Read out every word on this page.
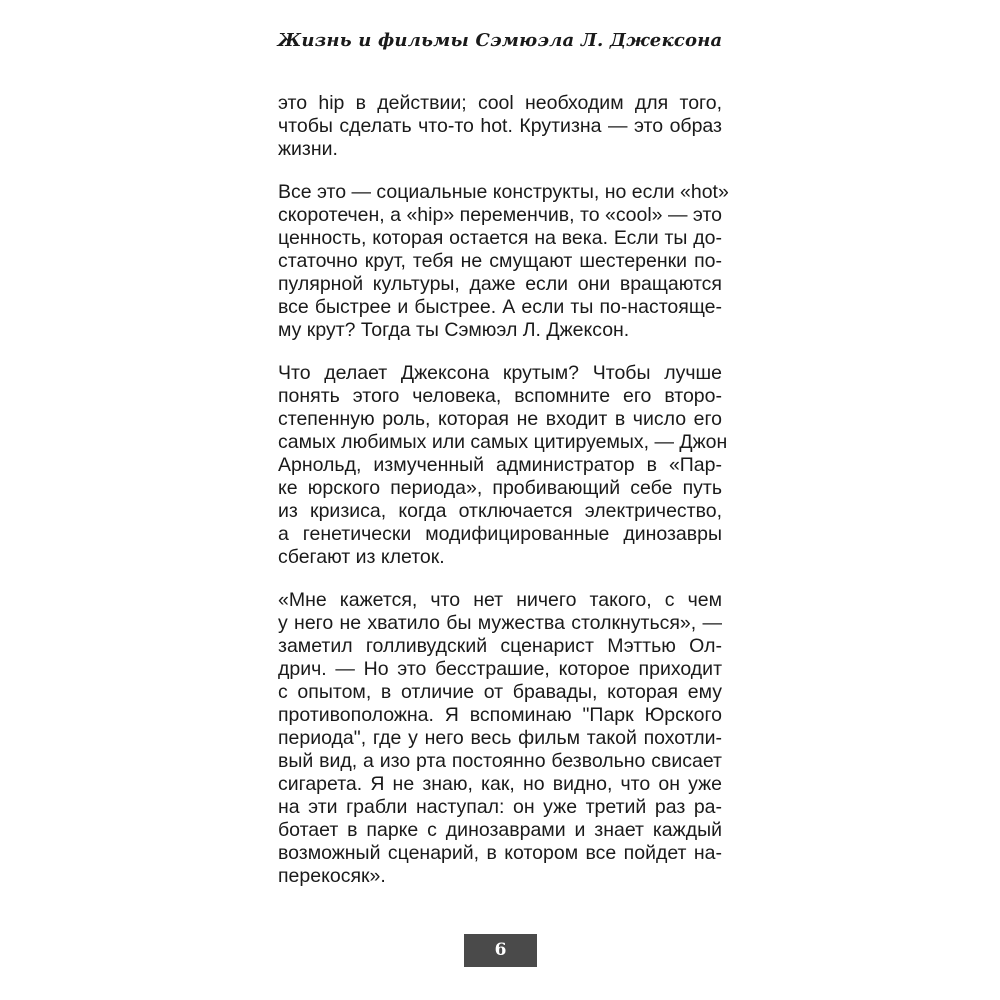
Жизнь и фильмы Сэмюэла Л. Джексона
это hip в действии; cool необходим для того,
чтобы сделать что-то hot. Крутизна — это образ
жизни.
Все это — социальные конструкты, но если «hot»
скоротечен, а «hip» переменчив, то «cool» — это
ценность, которая остается на века. Если ты до-
статочно крут, тебя не смущают шестеренки по-
пулярной культуры, даже если они вращаются
все быстрее и быстрее. А если ты по-настояще-
му крут? Тогда ты Сэмюэл Л. Джексон.
Что делает Джексона крутым? Чтобы лучше
понять этого человека, вспомните его второ-
степенную роль, которая не входит в число его
самых любимых или самых цитируемых, — Джон
Арнольд, измученный администратор в «Пар-
ке юрского периода», пробивающий себе путь
из кризиса, когда отключается электричество,
а генетически модифицированные динозавры
сбегают из клеток.
«Мне кажется, что нет ничего такого, с чем
у него не хватило бы мужества столкнуться», —
заметил голливудский сценарист Мэттью Ол-
дрич. — Но это бесстрашие, которое приходит
с опытом, в отличие от бравады, которая ему
противоположна. Я вспоминаю "Парк Юрского
периода", где у него весь фильм такой похотли-
вый вид, а изо рта постоянно безвольно свисает
сигарета. Я не знаю, как, но видно, что он уже
на эти грабли наступал: он уже третий раз ра-
ботает в парке с динозаврами и знает каждый
возможный сценарий, в котором все пойдет на-
перекосяк».
6
